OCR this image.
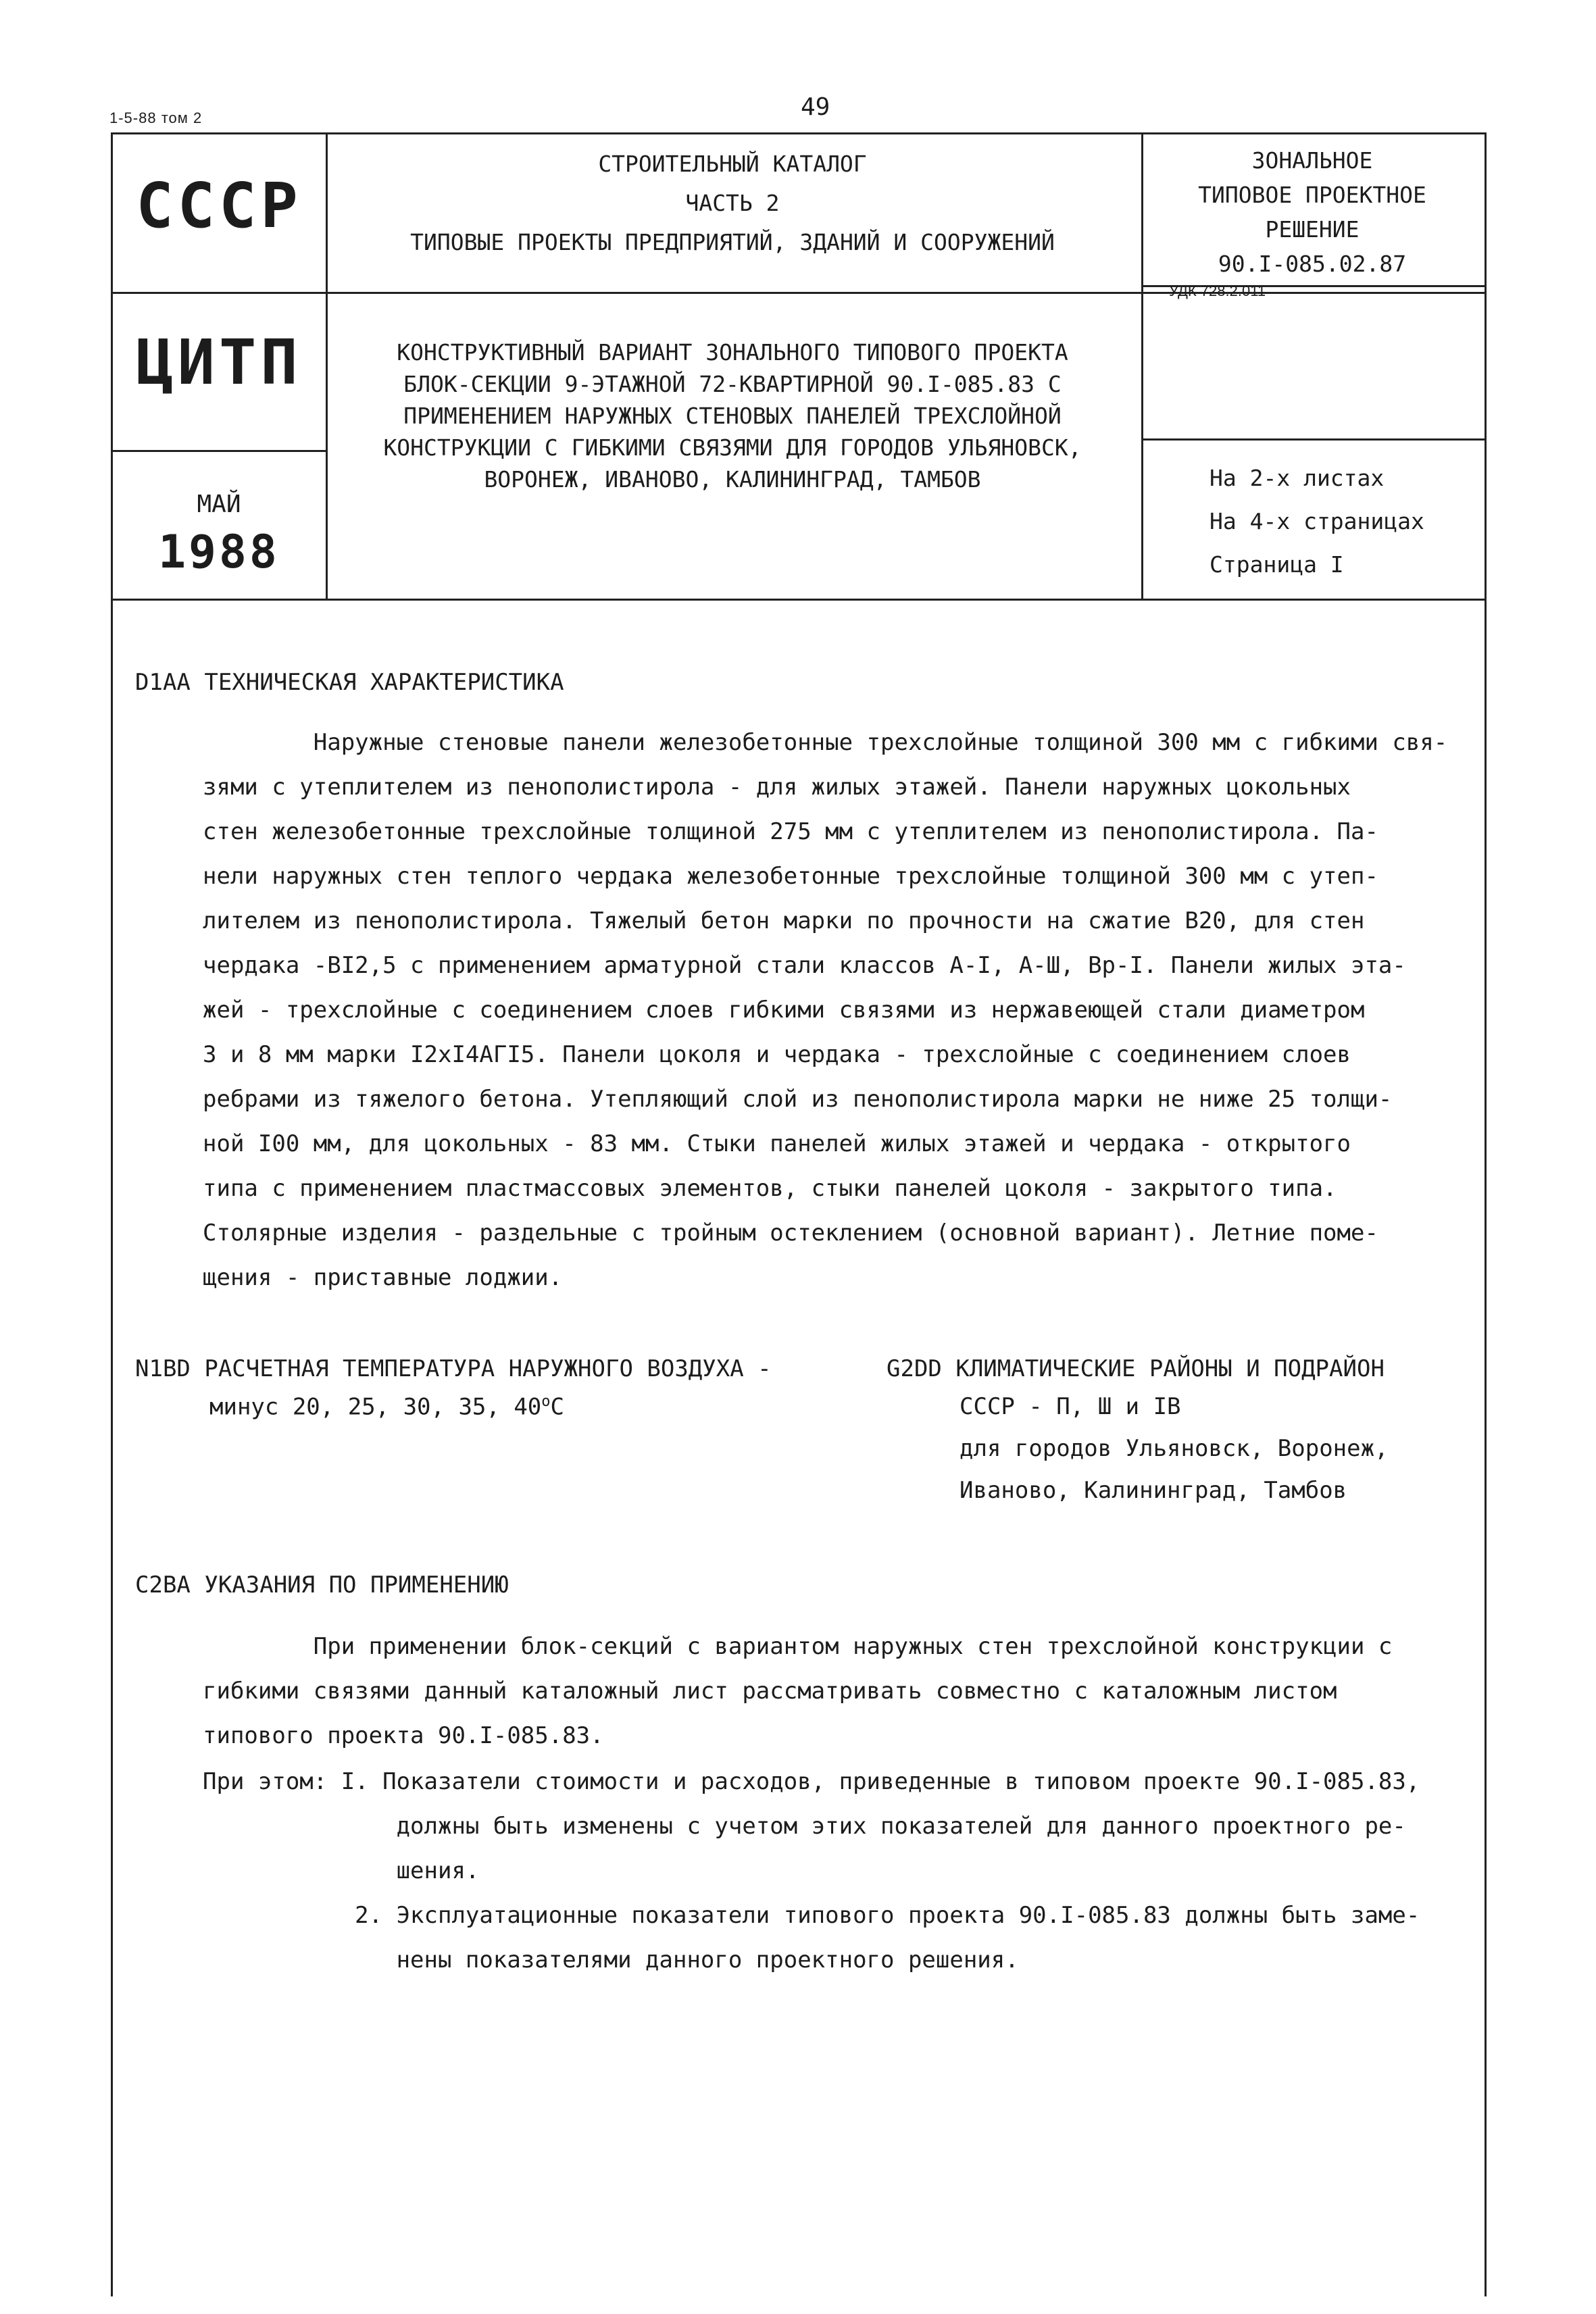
1-5-88 том 2	49
СССР
ЦИТП
МАЙ
1988
СТРОИТЕЛЬНЫЙ КАТАЛОГ
ЧАСТЬ 2
ТИПОВЫЕ ПРОЕКТЫ ПРЕДПРИЯТИЙ, ЗДАНИЙ И СООРУЖЕНИЙ
КОНСТРУКТИВНЫЙ ВАРИАНТ ЗОНАЛЬНОГО ТИПОВОГО ПРОЕКТА
БЛОК-СЕКЦИИ 9-ЭТАЖНОЙ 72-КВАРТИРНОЙ 90.I-085.83 С
ПРИМЕНЕНИЕМ НАРУЖНЫХ СТЕНОВЫХ ПАНЕЛЕЙ ТРЕХСЛОЙНОЙ
КОНСТРУКЦИИ С ГИБКИМИ СВЯЗЯМИ ДЛЯ ГОРОДОВ УЛЬЯНОВСК,
ВОРОНЕЖ, ИВАНОВО, КАЛИНИНГРАД, ТАМБОВ
ЗОНАЛЬНОЕ
ТИПОВОЕ ПРОЕКТНОЕ
РЕШЕНИЕ
90.I-085.02.87
УДК 728.2.011
На 2-х листах
На 4-х страницах
Страница I
D1AA ТЕХНИЧЕСКАЯ ХАРАКТЕРИСТИКА
Наружные стеновые панели железобетонные трехслойные толщиной 300 мм с гибкими свя-
зями с утеплителем из пенополистирола - для жилых этажей. Панели наружных цокольных
стен железобетонные трехслойные толщиной 275 мм с утеплителем из пенополистирола. Па-
нели наружных стен теплого чердака железобетонные трехслойные толщиной 300 мм с утеп-
лителем из пенополистирола. Тяжелый бетон марки по прочности на сжатие В20, для стен
чердака -BI2,5 с применением арматурной стали классов А-I, А-Ш, Вр-I. Панели жилых эта-
жей - трехслойные с соединением слоев гибкими связями из нержавеющей стали диаметром
3 и 8 мм марки I2хI4АГI5. Панели цоколя и чердака - трехслойные с соединением слоев
ребрами из тяжелого бетона. Утепляющий слой из пенополистирола марки не ниже 25 толщи-
ной I00 мм, для цокольных - 83 мм. Стыки панелей жилых этажей и чердака - открытого
типа с применением пластмассовых элементов, стыки панелей цоколя - закрытого типа.
Столярные изделия - раздельные с тройным остеклением (основной вариант). Летние поме-
щения - приставные лоджии.
N1BD РАСЧЕТНАЯ ТЕМПЕРАТУРА НАРУЖНОГО ВОЗДУХА -
минус 20, 25, 30, 35, $40^оС$
G2DD КЛИМАТИЧЕСКИЕ РАЙОНЫ И ПОДРАЙОН
СССР - П, Ш и IВ
для городов Ульяновск, Воронеж,
Иваново, Калининград, Тамбов
C2BA УКАЗАНИЯ ПО ПРИМЕНЕНИЮ
При применении блок-секций с вариантом наружных стен трехслойной конструкции с
гибкими связями данный каталожный лист рассматривать совместно с каталожным листом
типового проекта 90.I-085.83.
При этом: I. Показатели стоимости и расходов, приведенные в типовом проекте 90.I-085.83,
должны быть изменены с учетом этих показателей для данного проектного ре-
шения.
2. Эксплуатационные показатели типового проекта 90.I-085.83 должны быть заме-
нены показателями данного проектного решения.
